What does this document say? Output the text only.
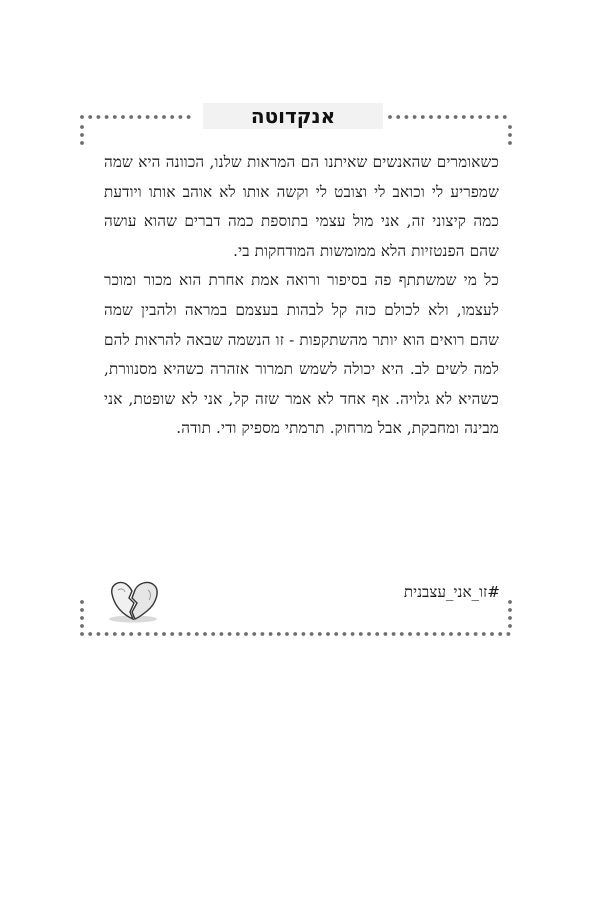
אנקדוטה

כשאומרים שהאנשים שאיתנו הם המראות שלנו, הכוונה היא שמה שמפריע לי וכואב לי וצובט לי וקשה אותו לא אוהב אותו ויודעת כמה קיצוני זה, אני מול עצמי בתוספת כמה דברים שהוא עושה שהם הפנטזיות הלא ממומשות המודחקות בי.

כל מי שמשתתף פה בסיפור ורואה אמת אחרת הוא מכור ומוכר לעצמו, ולא לכולם כזה קל לבהות בעצמם במראה ולהבין שמה שהם רואים הוא יותר מהשתקפות - זו הנשמה שבאה להראות להם למה לשים לב. היא יכולה לשמש תמרור אזהרה כשהיא מסנוורת, כשהיא לא גלויה. אף אחד לא אמר שזה קל, אני לא שופטת, אני מבינה ומחבקת, אבל מרחוק. תרמתי מספיק ודי. תודה.

#זו_אני_עצבנית
